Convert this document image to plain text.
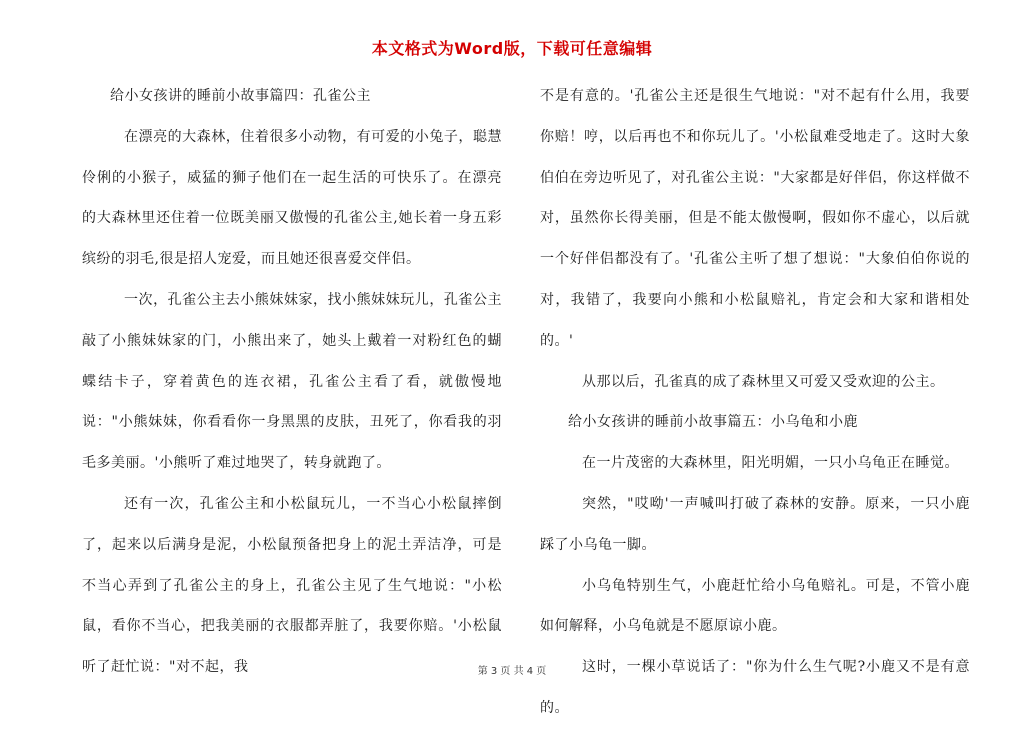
本文格式为Word版，下载可任意编辑

给小女孩讲的睡前小故事篇四：孔雀公主

在漂亮的大森林，住着很多小动物，有可爱的小兔子，聪慧伶俐的小猴子，威猛的狮子他们在一起生活的可快乐了。在漂亮的大森林里还住着一位既美丽又傲慢的孔雀公主,她长着一身五彩缤纷的羽毛,很是招人宠爱，而且她还很喜爱交伴侣。

一次，孔雀公主去小熊妹妹家，找小熊妹妹玩儿，孔雀公主敲了小熊妹妹家的门，小熊出来了，她头上戴着一对粉红色的蝴蝶结卡子，穿着黄色的连衣裙，孔雀公主看了看，就傲慢地说："小熊妹妹，你看看你一身黑黑的皮肤，丑死了，你看我的羽毛多美丽。'小熊听了难过地哭了，转身就跑了。

还有一次，孔雀公主和小松鼠玩儿，一不当心小松鼠摔倒了，起来以后满身是泥，小松鼠预备把身上的泥土弄洁净，可是不当心弄到了孔雀公主的身上，孔雀公主见了生气地说："小松鼠，看你不当心，把我美丽的衣服都弄脏了，我要你赔。'小松鼠听了赶忙说："对不起，我

不是有意的。'孔雀公主还是很生气地说："对不起有什么用，我要你赔！哼，以后再也不和你玩儿了。'小松鼠难受地走了。这时大象伯伯在旁边听见了，对孔雀公主说："大家都是好伴侣，你这样做不对，虽然你长得美丽，但是不能太傲慢啊，假如你不虚心，以后就一个好伴侣都没有了。'孔雀公主听了想了想说："大象伯伯你说的对，我错了，我要向小熊和小松鼠赔礼，肯定会和大家和谐相处的。'

从那以后，孔雀真的成了森林里又可爱又受欢迎的公主。

给小女孩讲的睡前小故事篇五：小乌龟和小鹿

在一片茂密的大森林里，阳光明媚，一只小乌龟正在睡觉。

突然，"哎呦'一声喊叫打破了森林的安静。原来，一只小鹿踩了小乌龟一脚。

小乌龟特别生气，小鹿赶忙给小乌龟赔礼。可是，不管小鹿如何解释，小乌龟就是不愿原谅小鹿。

这时，一棵小草说话了："你为什么生气呢?小鹿又不是有意的。

第 3 页 共 4 页
